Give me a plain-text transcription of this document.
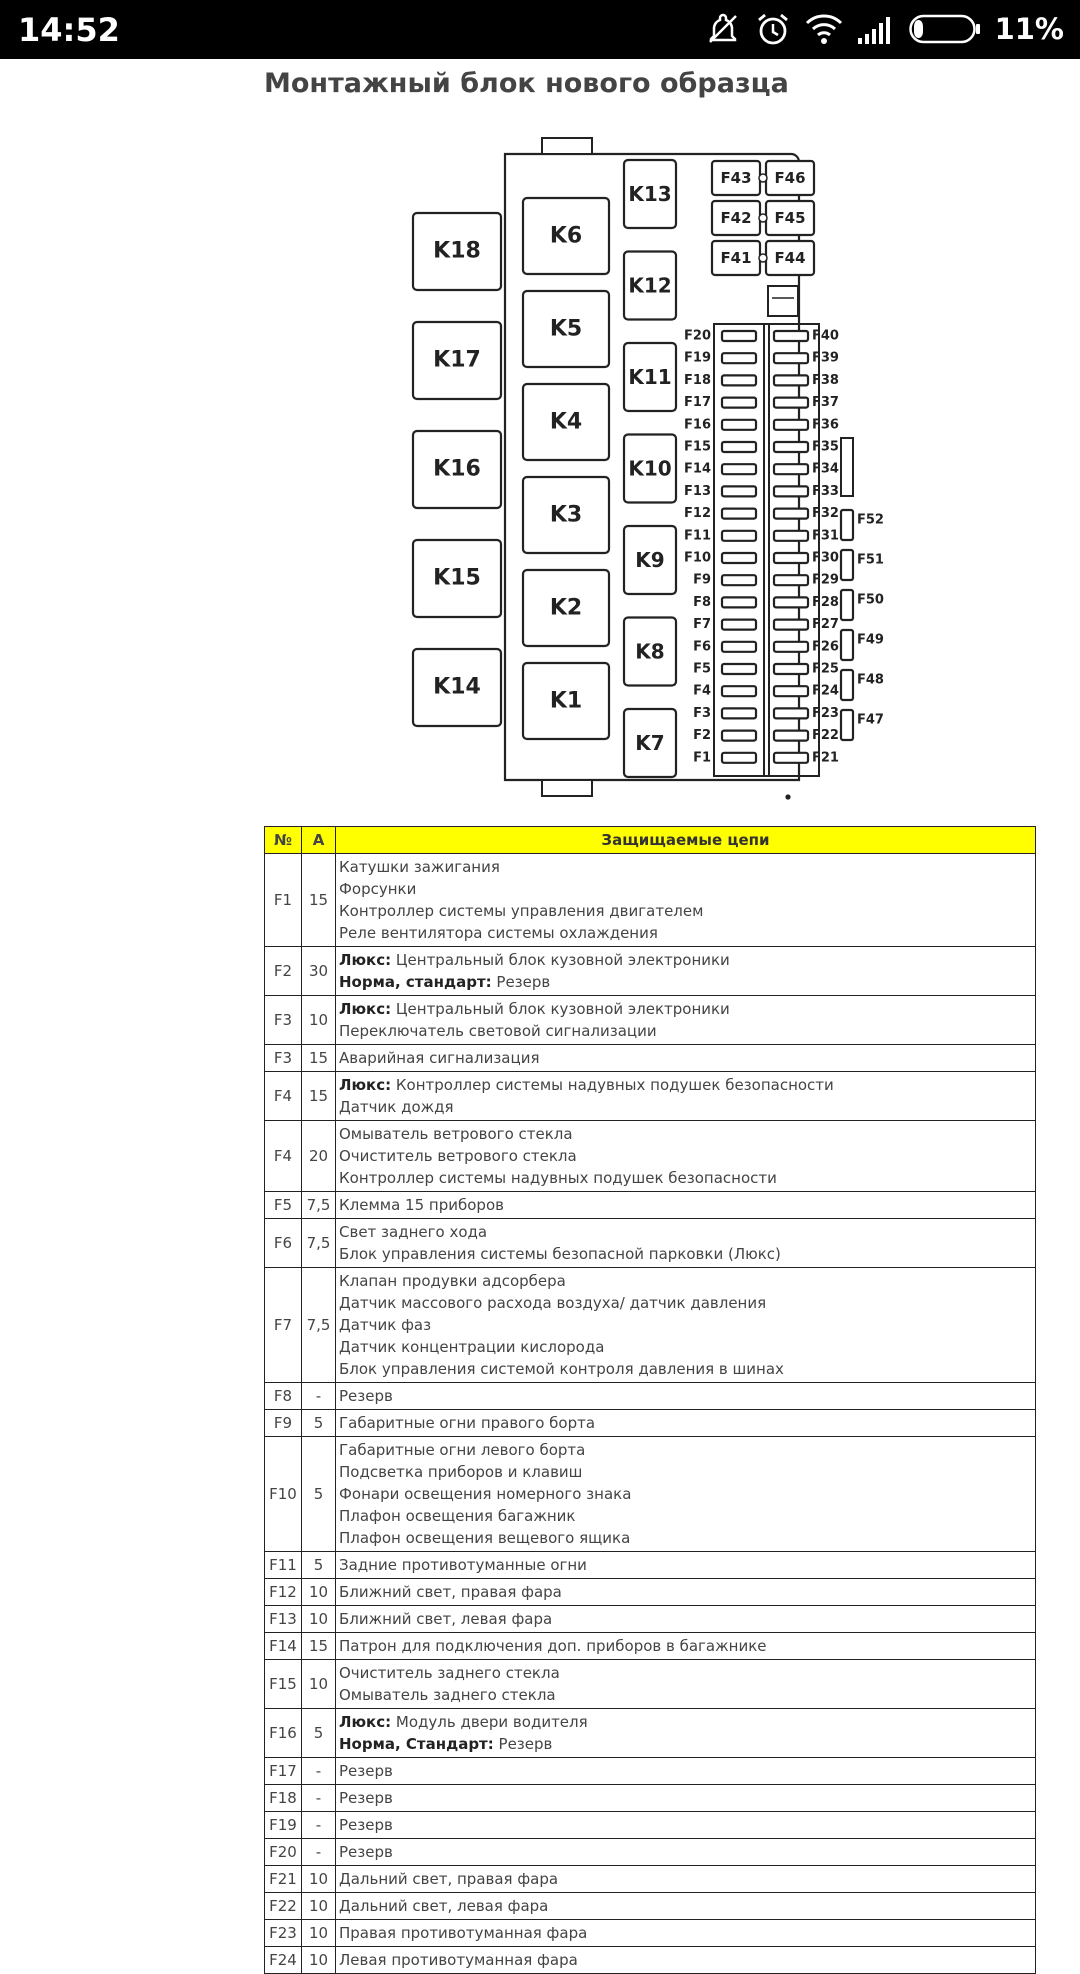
14:52	11%
Монтажный блок нового образца
K18
K17
K16
K15
K14
K6
K5
K4
K3
K2
K1
K13
K12
K11
K10
K9
K8
K7
F43
F42
F41
F46
F45
F44
F20
F19
F18
F17
F16
F15
F14
F13
F12
F11
F10
F9
F8
F7
F6
F5
F4
F3
F2
F1
F40
F39
F38
F37
F36
F35
F34
F33
F32
F31
F30
F29
F28
F27
F26
F25
F24
F23
F22
F21
F52
F51
F50
F49
F48
F47
№	А	Защищаемые цепи
F1	15	Катушки зажигания
Форсунки
Контроллер системы управления двигателем
Реле вентилятора системы охлаждения

F2	30	Люкс: Центральный блок кузовной электроники
Норма, стандарт: Резерв

F3	10	Люкс: Центральный блок кузовной электроники
Переключатель световой сигнализации

F3	15	Аварийная сигнализация

F4	15	Люкс: Контроллер системы надувных подушек безопасности
Датчик дождя

F4	20	Омыватель ветрового стекла
Очиститель ветрового стекла
Контроллер системы надувных подушек безопасности

F5	7,5	Клемма 15 приборов

F6	7,5	Свет заднего хода
Блок управления системы безопасной парковки (Люкс)

F7	7,5	Клапан продувки адсорбера
Датчик массового расхода воздуха/ датчик давления
Датчик фаз
Датчик концентрации кислорода
Блок управления системой контроля давления в шинах

F8	-	Резерв

F9	5	Габаритные огни правого борта

F10	5	Габаритные огни левого борта
Подсветка приборов и клавиш
Фонари освещения номерного знака
Плафон освещения багажник
Плафон освещения вещевого ящика

F11	5	Задние противотуманные огни

F12	10	Ближний свет, правая фара

F13	10	Ближний свет, левая фара

F14	15	Патрон для подключения доп. приборов в багажнике

F15	10	Очиститель заднего стекла
Омыватель заднего стекла

F16	5	Люкс: Модуль двери водителя
Норма, Стандарт: Резерв

F17	-	Резерв

F18	-	Резерв

F19	-	Резерв

F20	-	Резерв

F21	10	Дальний свет, правая фара

F22	10	Дальний свет, левая фара

F23	10	Правая противотуманная фара

F24	10	Левая противотуманная фара
